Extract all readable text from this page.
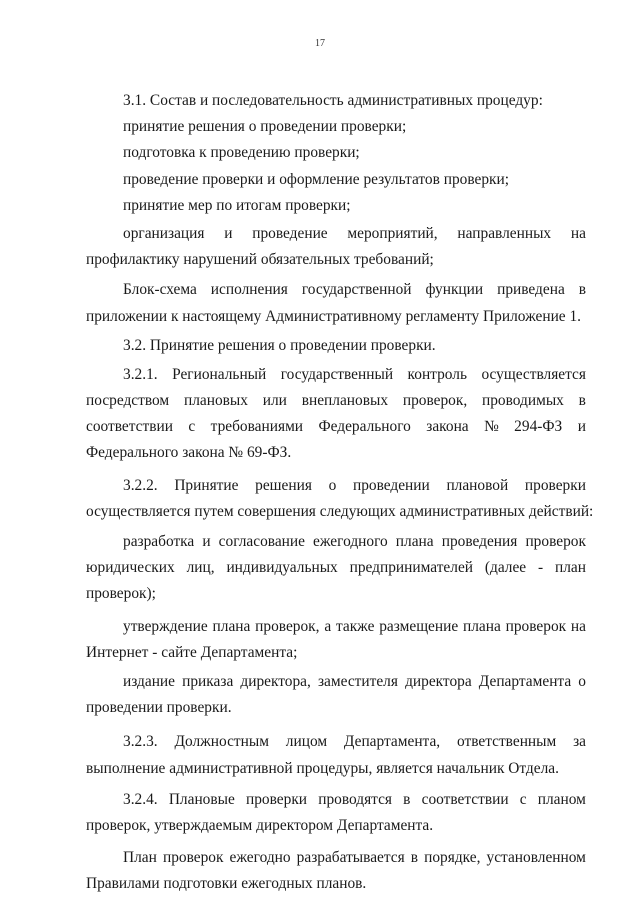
17
3.1. Состав и последовательность административных процедур:
принятие решения о проведении проверки;
подготовка к проведению проверки;
проведение проверки и оформление результатов проверки;
принятие мер по итогам проверки;
организация и проведение мероприятий, направленных на
профилактику нарушений обязательных требований;
Блок-схема исполнения государственной функции приведена в
приложении к настоящему Административному регламенту Приложение 1.
3.2. Принятие решения о проведении проверки.
3.2.1. Региональный государственный контроль осуществляется
посредством плановых или внеплановых проверок, проводимых в
соответствии с требованиями Федерального закона № 294-ФЗ и
Федерального закона № 69-ФЗ.
3.2.2. Принятие решения о проведении плановой проверки
осуществляется путем совершения следующих административных действий:
разработка и согласование ежегодного плана проведения проверок
юридических лиц, индивидуальных предпринимателей (далее - план
проверок);
утверждение плана проверок, а также размещение плана проверок на
Интернет - сайте Департамента;
издание приказа директора, заместителя директора Департамента о
проведении проверки.
3.2.3. Должностным лицом Департамента, ответственным за
выполнение административной процедуры, является начальник Отдела.
3.2.4. Плановые проверки проводятся в соответствии с планом
проверок, утверждаемым директором Департамента.
План проверок ежегодно разрабатывается в порядке, установленном
Правилами подготовки ежегодных планов.
